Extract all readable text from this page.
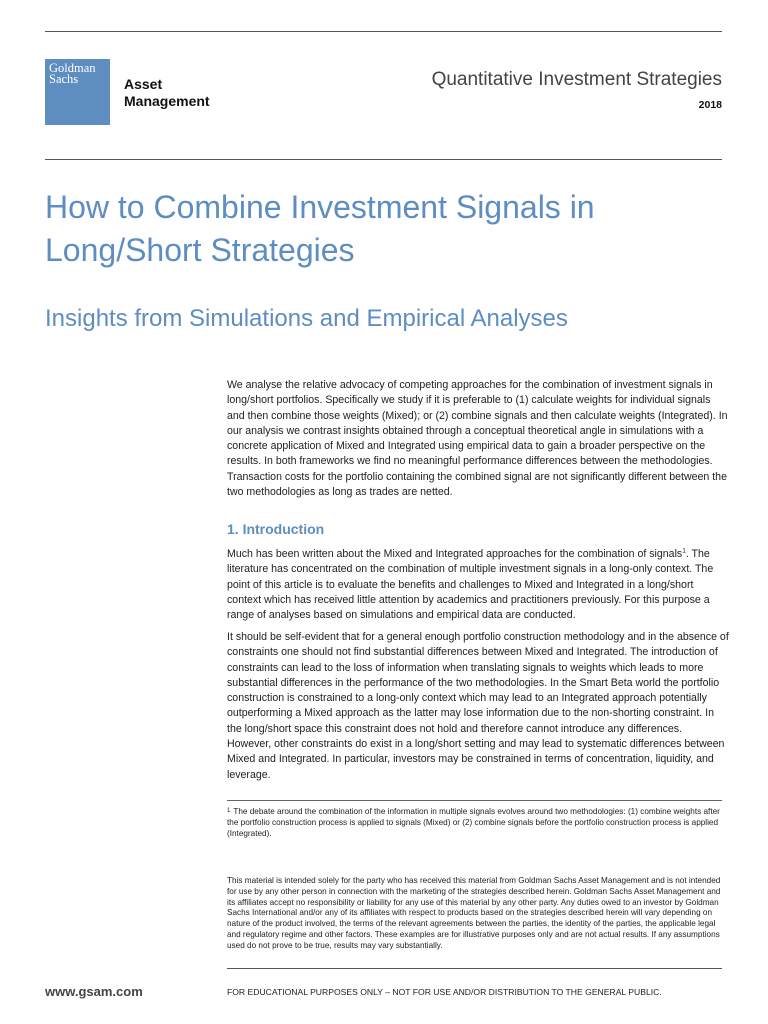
Goldman
Sachs	Asset
Management
Quantitative Investment Strategies
2018
How to Combine Investment Signals in Long/Short Strategies
Insights from Simulations and Empirical Analyses

We analyse the relative advocacy of competing approaches for the combination of investment signals in long/short portfolios. Specifically we study if it is preferable to (1) calculate weights for individual signals and then combine those weights (Mixed); or (2) combine signals and then calculate weights (Integrated). In our analysis we contrast insights obtained through a conceptual theoretical angle in simulations with a concrete application of Mixed and Integrated using empirical data to gain a broader perspective on the results. In both frameworks we find no meaningful performance differences between the methodologies. Transaction costs for the portfolio containing the combined signal are not significantly different between the two methodologies as long as trades are netted.

1. Introduction

Much has been written about the Mixed and Integrated approaches for the combination of signals$^1$. The literature has concentrated on the combination of multiple investment signals in a long-only context. The point of this article is to evaluate the benefits and challenges to Mixed and Integrated in a long/short context which has received little attention by academics and practitioners previously. For this purpose a range of analyses based on simulations and empirical data are conducted.

It should be self-evident that for a general enough portfolio construction methodology and in the absence of constraints one should not find substantial differences between Mixed and Integrated. The introduction of constraints can lead to the loss of information when translating signals to weights which leads to more substantial differences in the performance of the two methodologies. In the Smart Beta world the portfolio construction is constrained to a long-only context which may lead to an Integrated approach potentially outperforming a Mixed approach as the latter may lose information due to the non-shorting constraint. In the long/short space this constraint does not hold and therefore cannot introduce any differences. However, other constraints do exist in a long/short setting and may lead to systematic differences between Mixed and Integrated. In particular, investors may be constrained in terms of concentration, liquidity, and leverage.

$^1$ The debate around the combination of the information in multiple signals evolves around two methodologies: (1) combine weights after the portfolio construction process is applied to signals (Mixed) or (2) combine signals before the portfolio construction process is applied (Integrated).
This material is intended solely for the party who has received this material from Goldman Sachs Asset Management and is not intended for use by any other person in connection with the marketing of the strategies described herein. Goldman Sachs Asset Management and its affiliates accept no responsibility or liability for any use of this material by any other party. Any duties owed to an investor by Goldman Sachs International and/or any of its affiliates with respect to products based on the strategies described herein will vary depending on nature of the product involved, the terms of the relevant agreements between the parties, the identity of the parties, the applicable legal and regulatory regime and other factors. These examples are for illustrative purposes only and are not actual results. If any assumptions used do not prove to be true, results may vary substantially.
www.gsam.com	FOR EDUCATIONAL PURPOSES ONLY – NOT FOR USE AND/OR DISTRIBUTION TO THE GENERAL PUBLIC.
